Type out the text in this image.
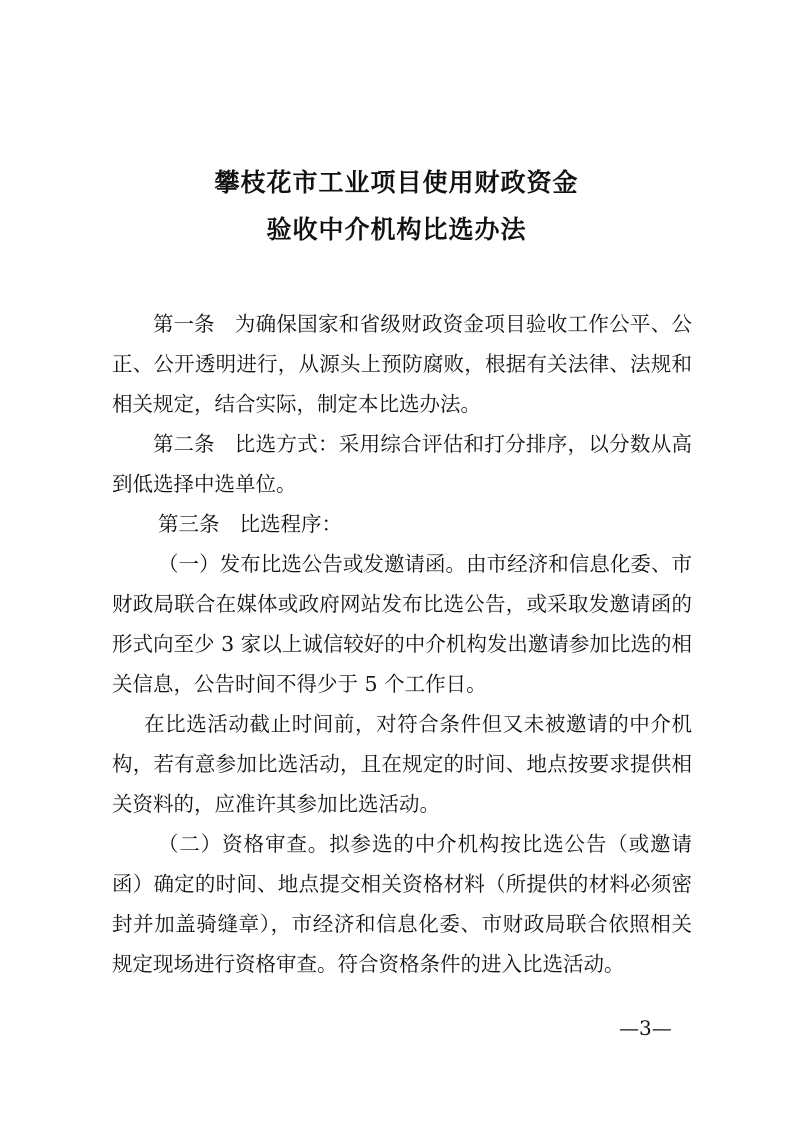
攀枝花市工业项目使用财政资金
验收中介机构比选办法

第一条 为确保国家和省级财政资金项目验收工作公平、公正、公开透明进行，从源头上预防腐败，根据有关法律、法规和相关规定，结合实际，制定本比选办法。

第二条 比选方式：采用综合评估和打分排序，以分数从高到低选择中选单位。

第三条 比选程序：

（一）发布比选公告或发邀请函。由市经济和信息化委、市财政局联合在媒体或政府网站发布比选公告，或采取发邀请函的形式向至少 3 家以上诚信较好的中介机构发出邀请参加比选的相关信息，公告时间不得少于 5 个工作日。

在比选活动截止时间前，对符合条件但又未被邀请的中介机构，若有意参加比选活动，且在规定的时间、地点按要求提供相关资料的，应准许其参加比选活动。

（二）资格审查。拟参选的中介机构按比选公告（或邀请函）确定的时间、地点提交相关资格材料（所提供的材料必须密封并加盖骑缝章），市经济和信息化委、市财政局联合依照相关规定现场进行资格审查。符合资格条件的进入比选活动。

—3—
